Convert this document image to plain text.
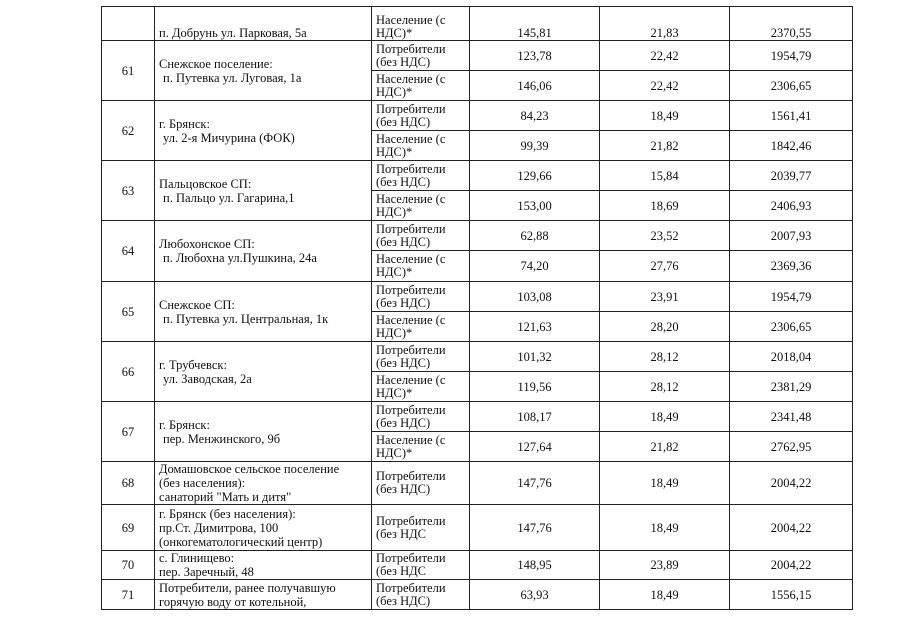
	п. Добрунь ул. Парковая, 5а	Население (с
НДС)*	145,81	21,83	2370,55
61	Снежское поселение:
п. Путевка ул. Луговая, 1а	Потребители
(без НДС)	123,78	22,42	1954,79

		Население (с
НДС)*	146,06	22,42	2306,65
62	г. Брянск:
ул. 2-я Мичурина (ФОК)	Потребители
(без НДС)	84,23	18,49	1561,41

		Население (с
НДС)*	99,39	21,82	1842,46
63	Пальцовское СП:
п. Пальцо ул. Гагарина,1	Потребители
(без НДС)	129,66	15,84	2039,77

		Население (с
НДС)*	153,00	18,69	2406,93
64	Любохонское СП:
п. Любохна ул.Пушкина, 24а	Потребители
(без НДС)	62,88	23,52	2007,93

		Население (с
НДС)*	74,20	27,76	2369,36
65	Снежское СП:
п. Путевка ул. Центральная, 1к	Потребители
(без НДС)	103,08	23,91	1954,79

		Население (с
НДС)*	121,63	28,20	2306,65
66	г. Трубчевск:
ул. Заводская, 2а	Потребители
(без НДС)	101,32	28,12	2018,04

		Население (с
НДС)*	119,56	28,12	2381,29
67	г. Брянск:
пер. Менжинского, 9б	Потребители
(без НДС)	108,17	18,49	2341,48

		Население (с
НДС)*	127,64	21,82	2762,95
68	Домашовское сельское поселение
(без населения):
санаторий "Мать и дитя"	Потребители
(без НДС)	147,76	18,49	2004,22
69	г. Брянск (без населения):
пр.Ст. Димитрова, 100
(онкогематологический центр)	Потребители
(без НДС	147,76	18,49	2004,22
70	с. Глинищево:
пер. Заречный, 48	Потребители
(без НДС	148,95	23,89	2004,22
71	Потребители, ранее получавшую
горячую воду от котельной,	Потребители
(без НДС)	63,93	18,49	1556,15
